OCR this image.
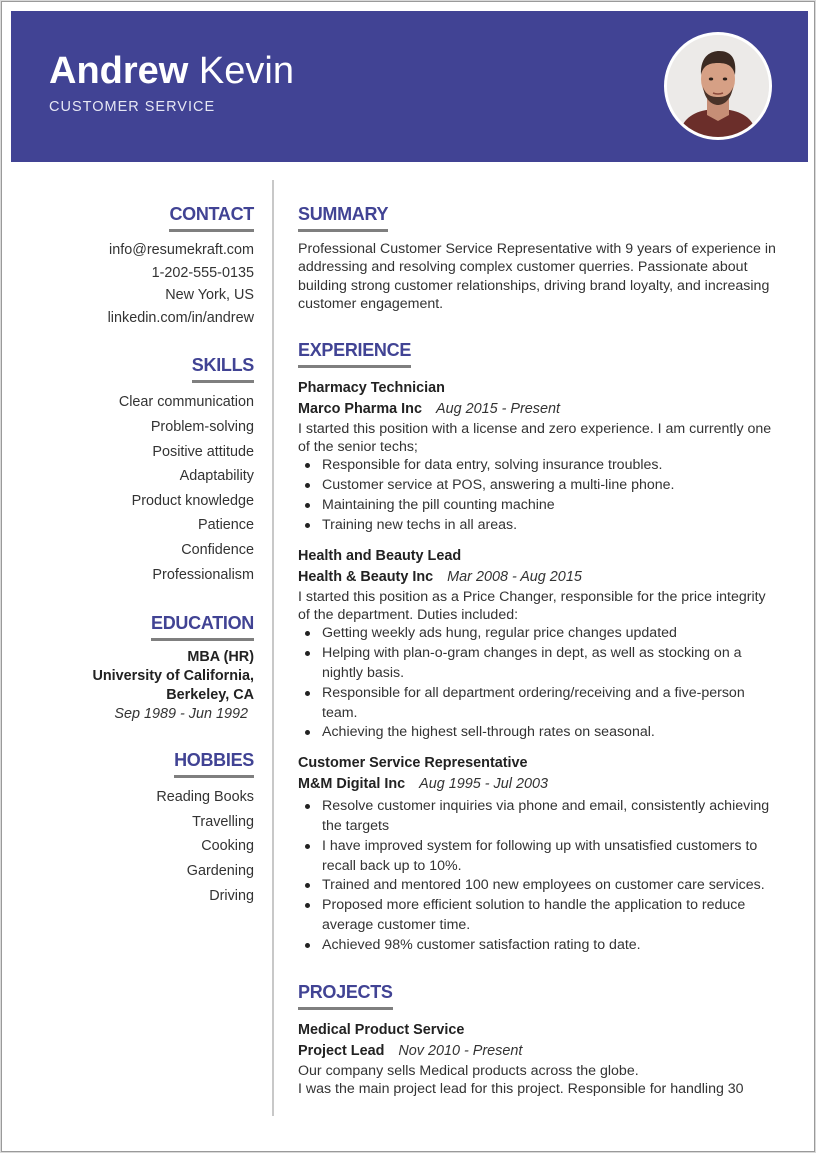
Andrew Kevin
CUSTOMER SERVICE
CONTACT
info@resumekraft.com
1-202-555-0135
New York, US
linkedin.com/in/andrew
SKILLS
Clear communication
Problem-solving
Positive attitude
Adaptability
Product knowledge
Patience
Confidence
Professionalism
EDUCATION
MBA (HR)
University of California,
Berkeley, CA
Sep 1989 - Jun 1992
HOBBIES
Reading Books
Travelling
Cooking
Gardening
Driving
SUMMARY

Professional Customer Service Representative with 9 years of experience in addressing and resolving complex customer querries. Passionate about building strong customer relationships, driving brand loyalty, and increasing customer engagement.

EXPERIENCE
Pharmacy Technician
Marco Pharma Inc Aug 2015 - Present

I started this position with a license and zero experience. I am currently one of the senior techs;

Responsible for data entry, solving insurance troubles.
Customer service at POS, answering a multi-line phone.
Maintaining the pill counting machine
Training new techs in all areas.
Health and Beauty Lead
Health & Beauty Inc Mar 2008 - Aug 2015

I started this position as a Price Changer, responsible for the price integrity of the department. Duties included:

Getting weekly ads hung, regular price changes updated
Helping with plan-o-gram changes in dept, as well as stocking on a nightly basis.
Responsible for all department ordering/receiving and a five-person team.
Achieving the highest sell-through rates on seasonal.
Customer Service Representative
M&M Digital Inc Aug 1995 - Jul 2003
Resolve customer inquiries via phone and email, consistently achieving the targets
I have improved system for following up with unsatisfied customers to recall back up to 10%.
Trained and mentored 100 new employees on customer care services.
Proposed more efficient solution to handle the application to reduce average customer time.
Achieved 98% customer satisfaction rating to date.
PROJECTS
Medical Product Service
Project Lead Nov 2010 - Present

Our company sells Medical products across the globe.

I was the main project lead for this project. Responsible for handling 30
